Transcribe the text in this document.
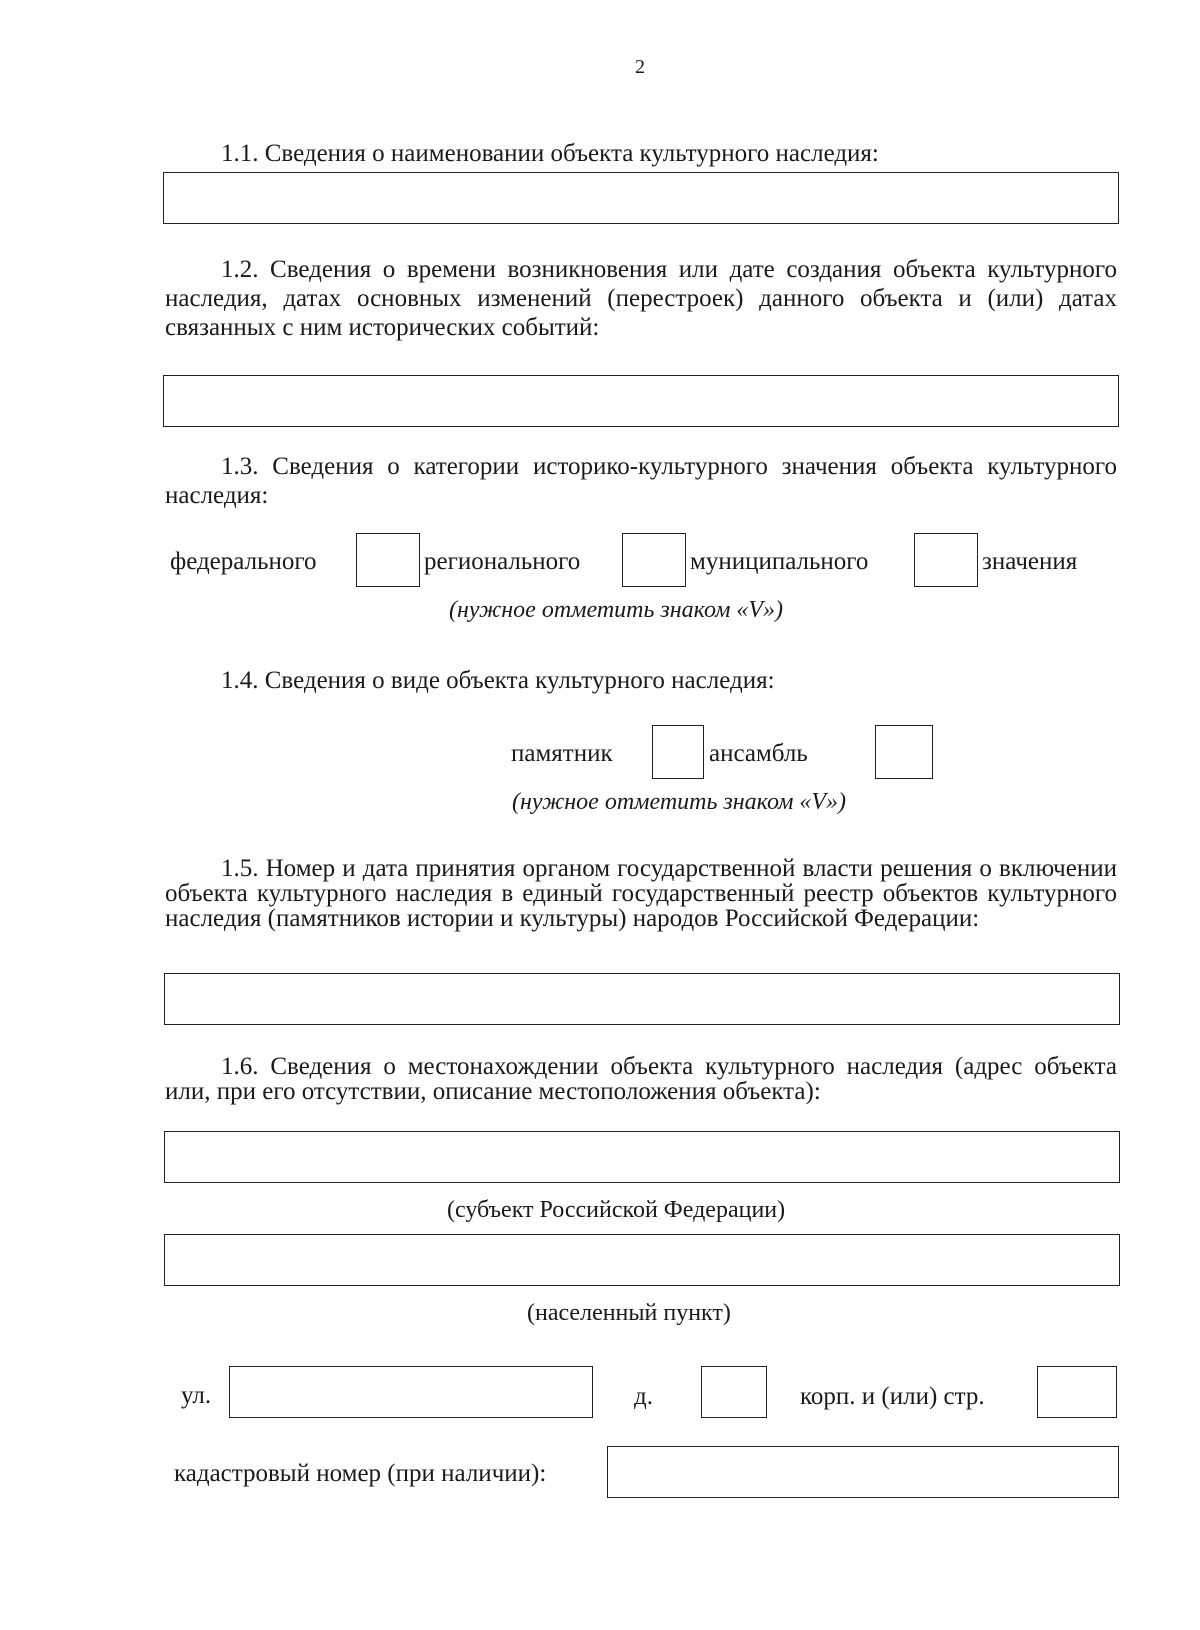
2
1.1. Сведения о наименовании объекта культурного наследия:
1.2. Сведения о времени возникновения или дате создания объекта культурного наследия, датах основных изменений (перестроек) данного объекта и (или) датах связанных с ним исторических событий:
1.3. Сведения о категории историко-культурного значения объекта культурного наследия:
федерального	регионального	муниципального	значения
(нужное отметить знаком «V»)
1.4. Сведения о виде объекта культурного наследия:
памятник	ансамбль
(нужное отметить знаком «V»)
1.5. Номер и дата принятия органом государственной власти решения о включении объекта культурного наследия в единый государственный реестр объектов культурного наследия (памятников истории и культуры) народов Российской Федерации:
1.6. Сведения о местонахождении объекта культурного наследия (адрес объекта или, при его отсутствии, описание местоположения объекта):
(субъект Российской Федерации)
(населенный пункт)
ул.	д.	корп. и (или) стр.
кадастровый номер (при наличии):
